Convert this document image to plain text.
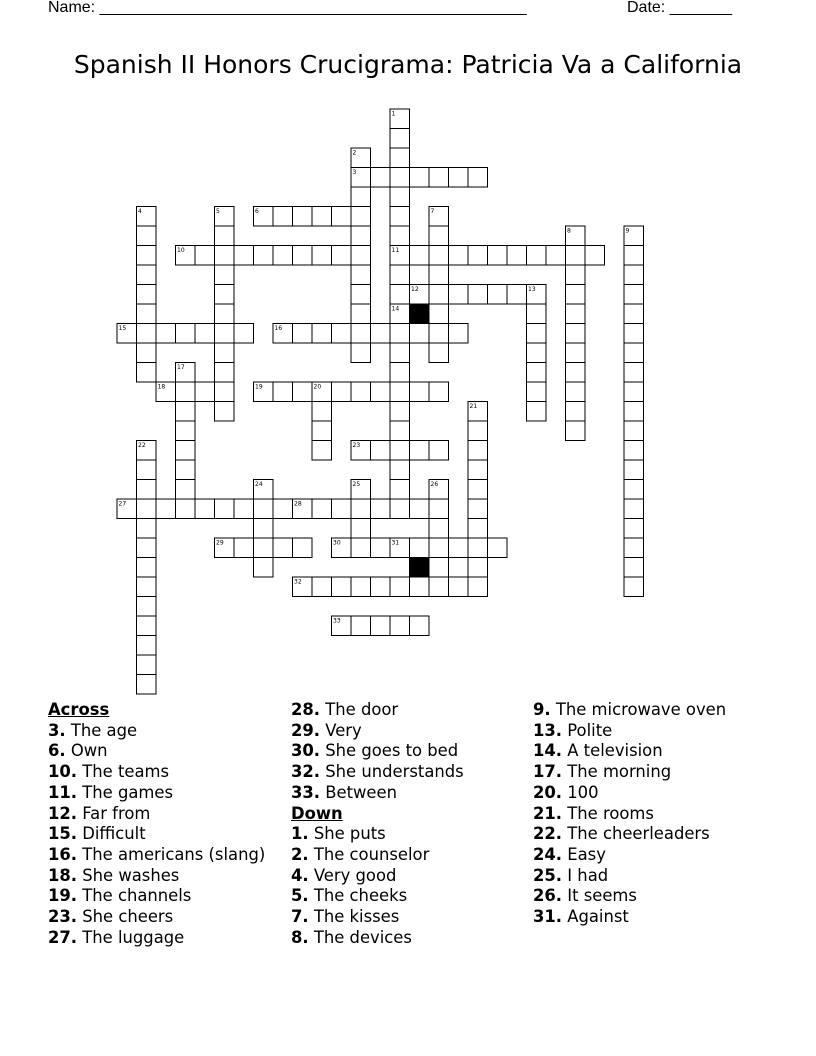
Name: ________________________________________________	Date: _______
Spanish II Honors Crucigrama: Patricia Va a California
1
2
3
4	5	6	7
8	9
10	11
12	13
14
15	16
17
18	19	20
21
22	23
24	25	26
27	28
29	30	31
32
33
Across
3. The age
6. Own
10. The teams
11. The games
12. Far from
15. Difficult
16. The americans (slang)
18. She washes
19. The channels
23. She cheers
27. The luggage
28. The door
29. Very
30. She goes to bed
32. She understands
33. Between
Down
1. She puts
2. The counselor
4. Very good
5. The cheeks
7. The kisses
8. The devices
9. The microwave oven
13. Polite
14. A television
17. The morning
20. 100
21. The rooms
22. The cheerleaders
24. Easy
25. I had
26. It seems
31. Against
